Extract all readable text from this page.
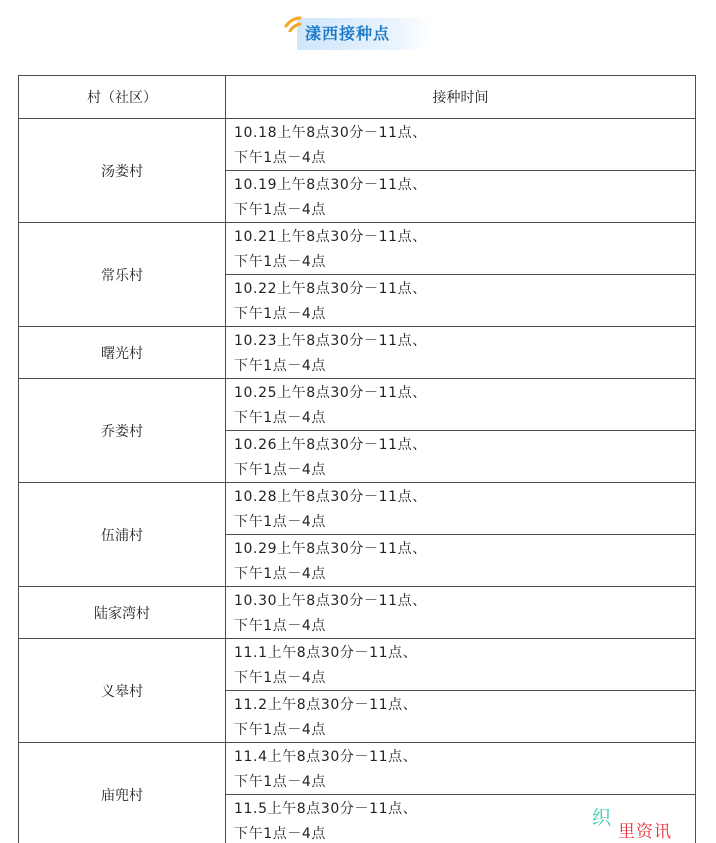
漾西接种点
村（社区）	接种时间
汤娄村	10.18上午8点30分－11点、
下午1点－4点

	10.19上午8点30分－11点、
下午1点－4点

常乐村	10.21上午8点30分－11点、
下午1点－4点

	10.22上午8点30分－11点、
下午1点－4点

曙光村	10.23上午8点30分－11点、
下午1点－4点

乔娄村	10.25上午8点30分－11点、
下午1点－4点

	10.26上午8点30分－11点、
下午1点－4点

伍浦村	10.28上午8点30分－11点、
下午1点－4点

	10.29上午8点30分－11点、
下午1点－4点

陆家湾村	10.30上午8点30分－11点、
下午1点－4点

义皋村	11.1上午8点30分－11点、
下午1点－4点

	11.2上午8点30分－11点、
下午1点－4点

庙兜村	11.4上午8点30分－11点、
下午1点－4点

	11.5上午8点30分－11点、
下午1点－4点
织
里资讯
